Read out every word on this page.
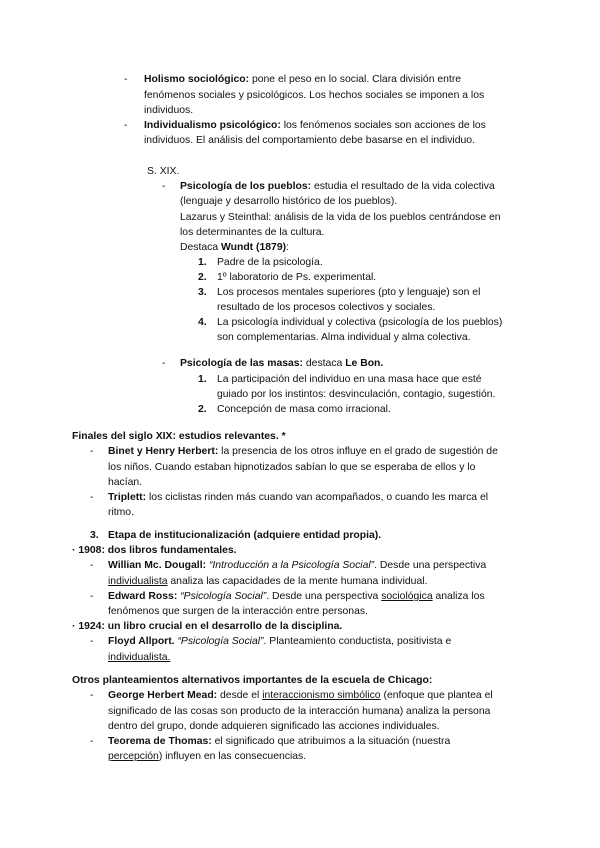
- Holismo sociológico: pone el peso en lo social. Clara división entre
fenómenos sociales y psicológicos. Los hechos sociales se imponen a los
individuos.
- Individualismo psicológico: los fenómenos sociales son acciones de los
individuos. El análisis del comportamiento debe basarse en el individuo.
S. XIX.
- Psicología de los pueblos: estudia el resultado de la vida colectiva
(lenguaje y desarrollo histórico de los pueblos).
Lazarus y Steinthal: análisis de la vida de los pueblos centrándose en
los determinantes de la cultura.
Destaca Wundt (1879):
1. Padre de la psicología.
2. 1º laboratorio de Ps. experimental.
3. Los procesos mentales superiores (pto y lenguaje) son el
resultado de los procesos colectivos y sociales.
4. La psicología individual y colectiva (psicología de los pueblos)
son complementarias. Alma individual y alma colectiva.
- Psicología de las masas: destaca Le Bon.
1. La participación del individuo en una masa hace que esté
guiado por los instintos: desvinculación, contagio, sugestión.
2. Concepción de masa como irracional.
Finales del siglo XIX: estudios relevantes. *
- Binet y Henry Herbert: la presencia de los otros influye en el grado de sugestión de
los niños. Cuando estaban hipnotizados sabían lo que se esperaba de ellos y lo
hacían.
- Triplett: los ciclistas rinden más cuando van acompañados, o cuando les marca el
ritmo.
3. Etapa de institucionalización (adquiere entidad propia).
· 1908: dos libros fundamentales.
- Willian Mc. Dougall: “Introducción a la Psicología Social”. Desde una perspectiva
individualista analiza las capacidades de la mente humana individual.
- Edward Ross: “Psicología Social”. Desde una perspectiva sociológica analiza los
fenómenos que surgen de la interacción entre personas.
· 1924: un libro crucial en el desarrollo de la disciplina.
- Floyd Allport. “Psicología Social”. Planteamiento conductista, positivista e
individualista.
Otros planteamientos alternativos importantes de la escuela de Chicago:
- George Herbert Mead: desde el interaccionismo simbólico (enfoque que plantea el
significado de las cosas son producto de la interacción humana) analiza la persona
dentro del grupo, donde adquieren significado las acciones individuales.
- Teorema de Thomas: el significado que atribuimos a la situación (nuestra
percepción) influyen en las consecuencias.
